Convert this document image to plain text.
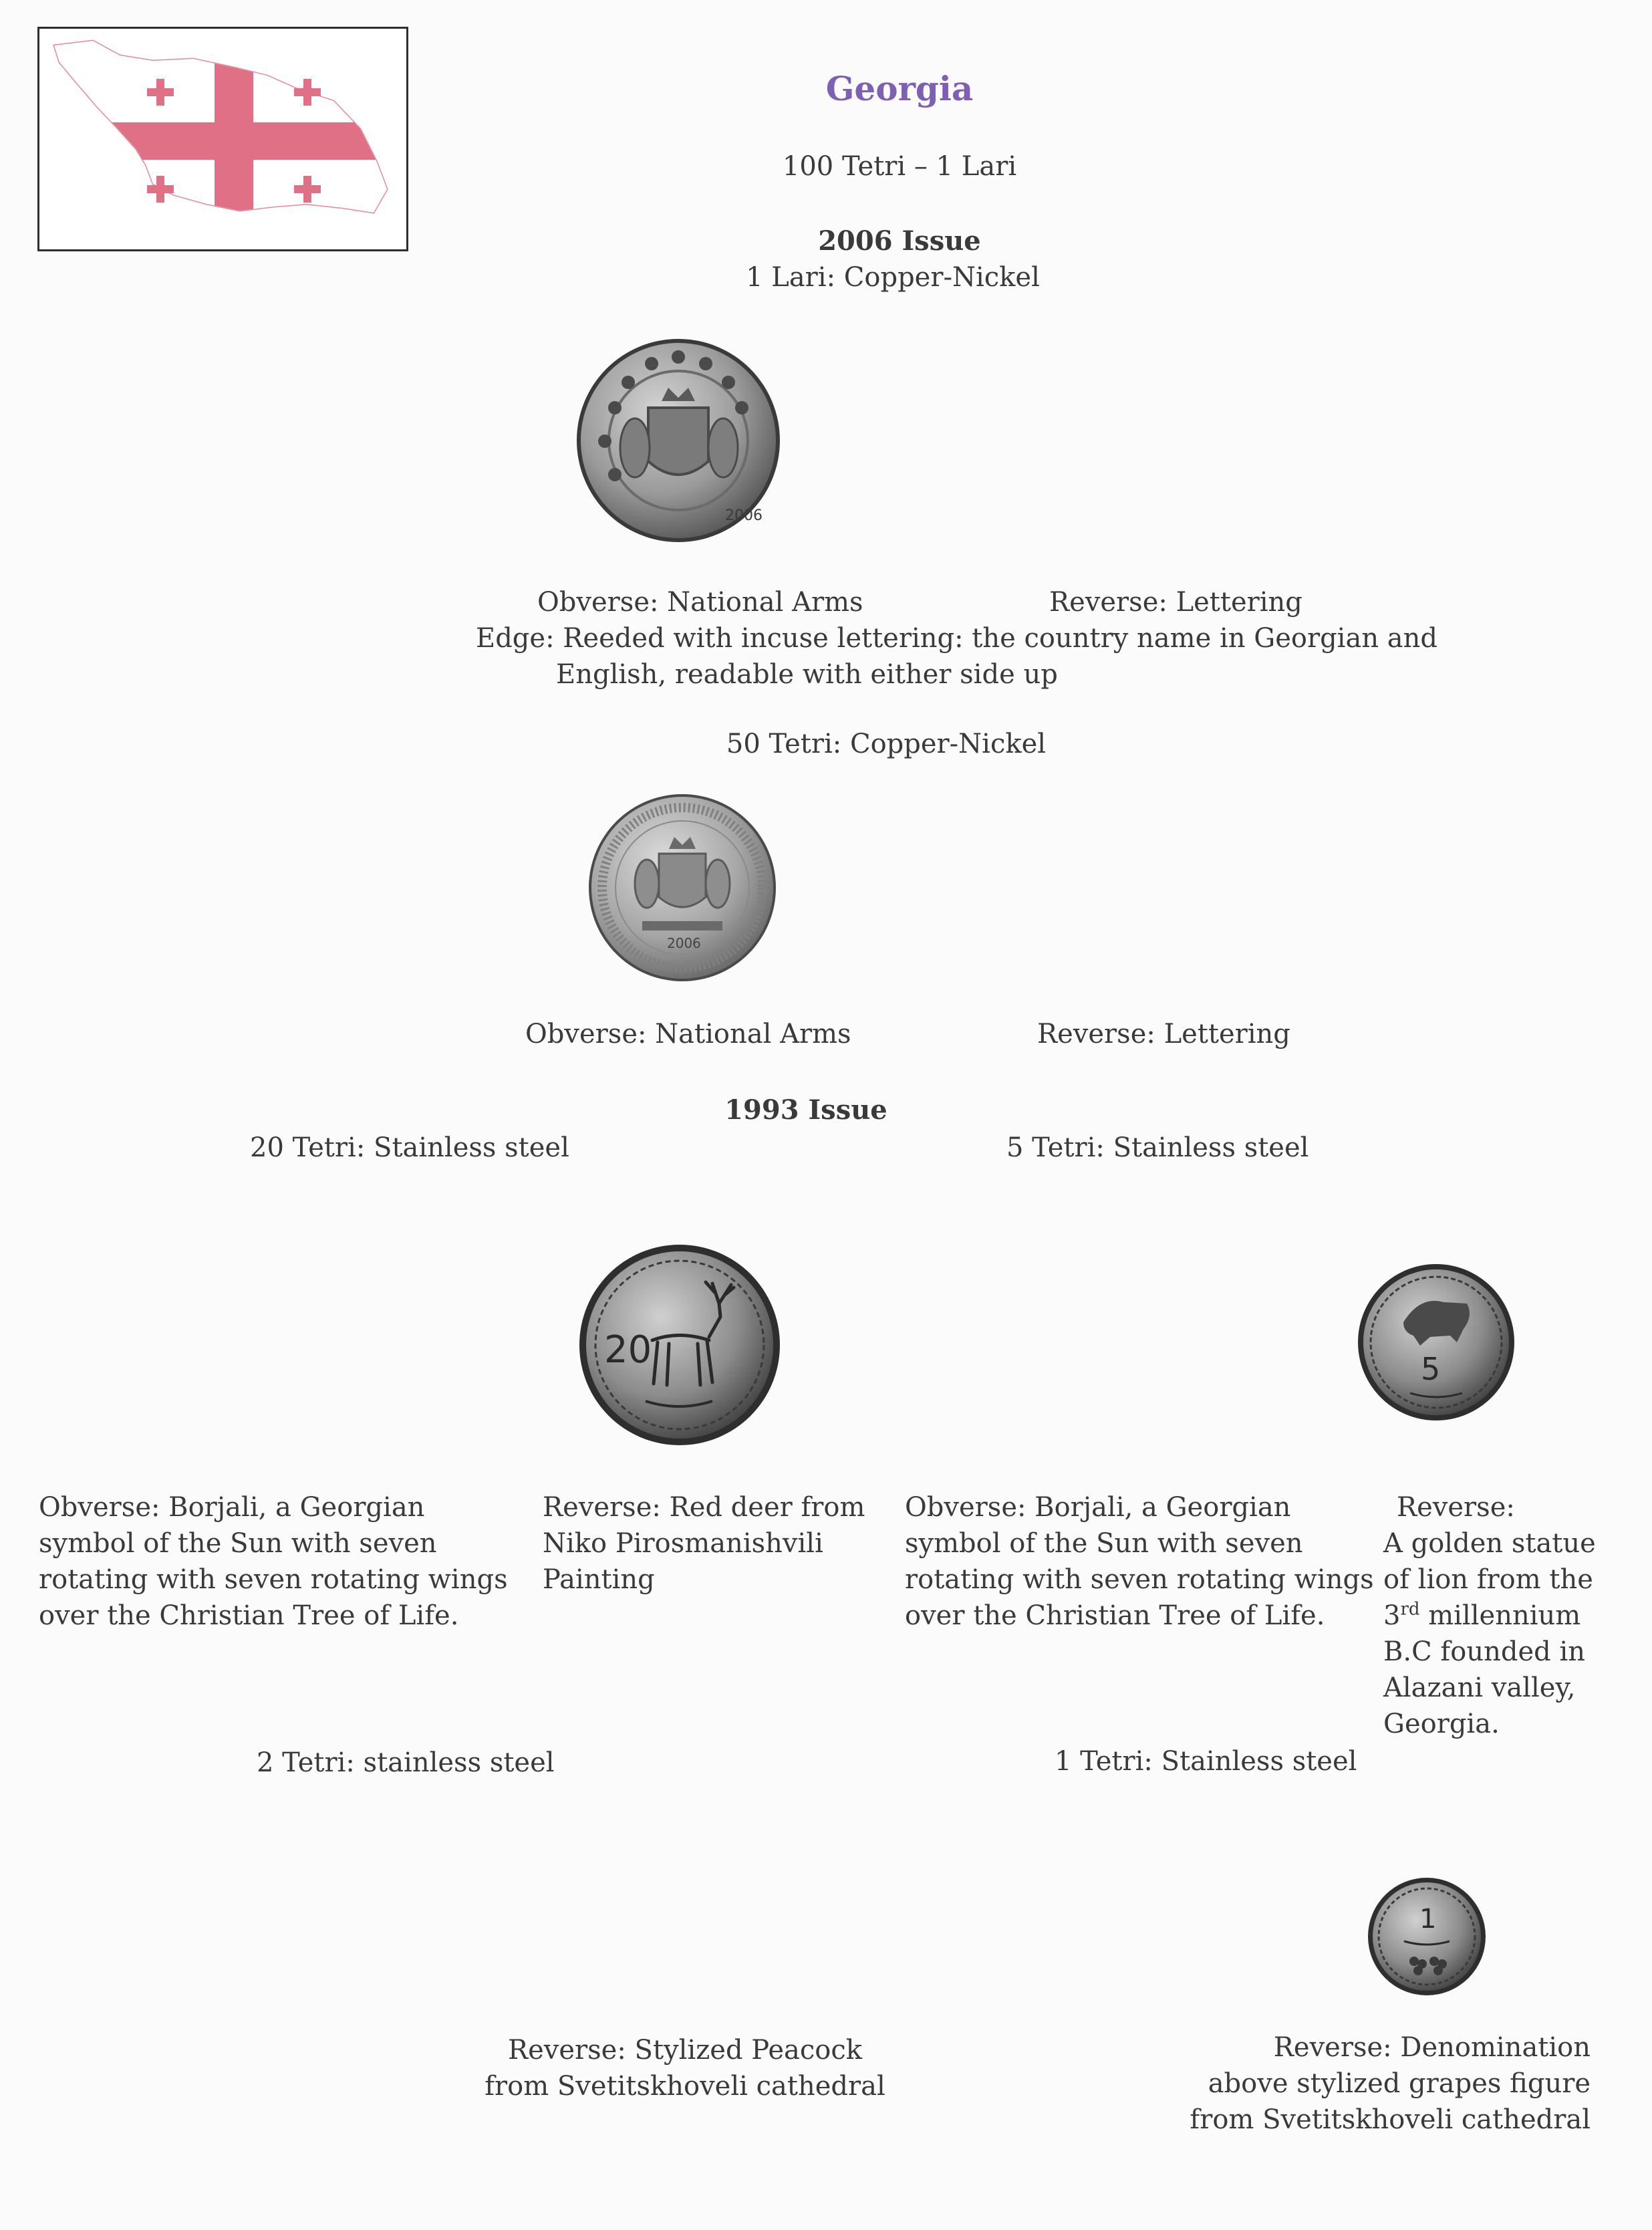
Georgia
100 Tetri – 1 Lari
2006 Issue
1 Lari: Copper-Nickel
2006
Obverse: National Arms	Reverse: Lettering
Edge: Reeded with incuse lettering: the country name in Georgian and
English, readable with either side up
50 Tetri: Copper-Nickel
2006
Obverse: National Arms	Reverse: Lettering
1993 Issue
20 Tetri: Stainless steel	5 Tetri: Stainless steel
20	5
Obverse: Borjali, a Georgian symbol of the Sun with seven rotating with seven rotating wings over the Christian Tree of Life.
Reverse: Red deer from Niko Pirosmanishvili Painting
Obverse: Borjali, a Georgian symbol of the Sun with seven rotating with seven rotating wings over the Christian Tree of Life.
Reverse:
A golden statue of lion from the
3rd millennium
B.C founded in Alazani valley, Georgia.
2 Tetri: stainless steel	1 Tetri: Stainless steel
1
Reverse: Stylized Peacock
from Svetitskhoveli cathedral
Reverse: Denomination
above stylized grapes figure
from Svetitskhoveli cathedral
